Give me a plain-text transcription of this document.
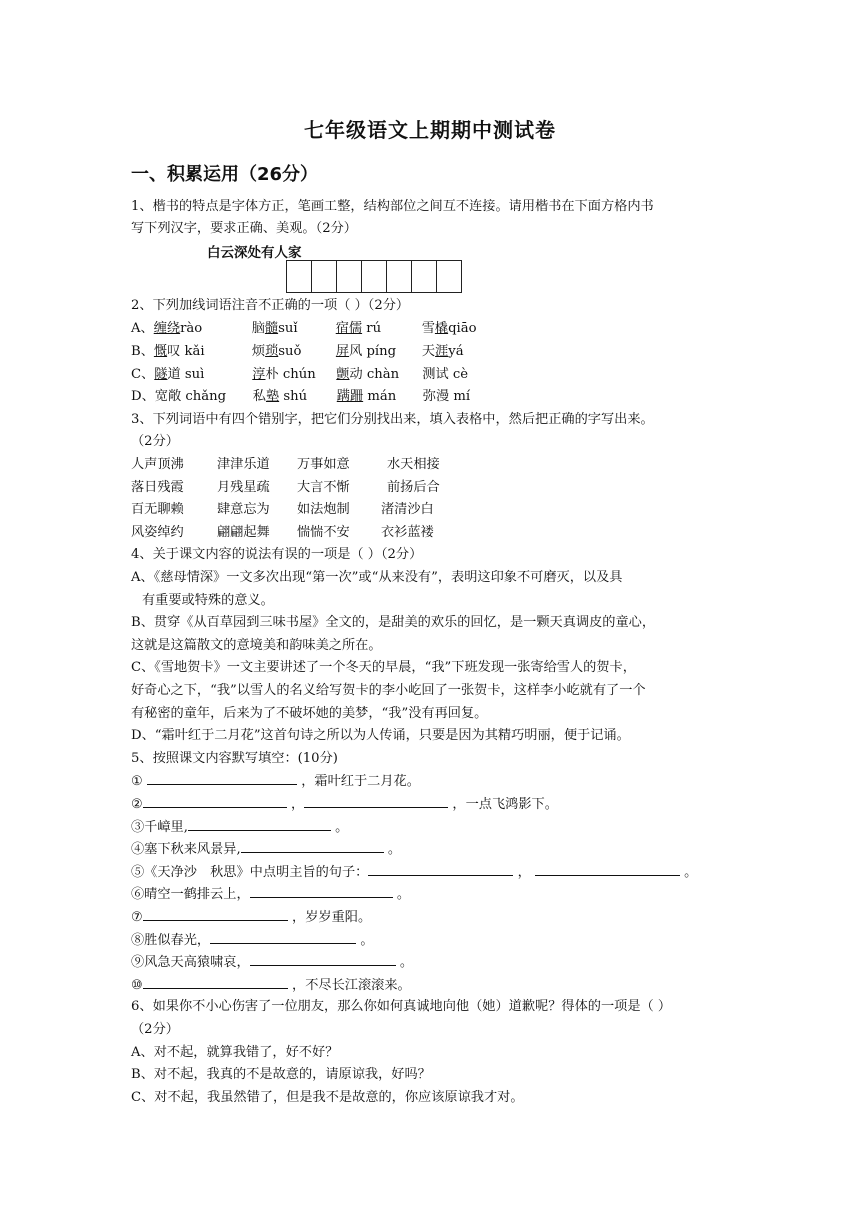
七年级语文上期期中测试卷
一、积累运用（26分）
1、楷书的特点是字体方正，笔画工整，结构部位之间互不连接。请用楷书在下面方格内书
写下列汉字，要求正确、美观。（2分）
白云深处有人家
2、下列加线词语注音不正确的一项（ ）（2分）
A、缠绕rào	脑髓suǐ	宿儒 rú	雪橇qiāo
B、慨叹 kǎi	烦琐suǒ	屏风 píng 天涯yá
C、隧道 suì	淳朴 chún 颤动 chàn 测试 cè
D、宽敞 chǎng 私塾 shú 蹒跚 mán 弥漫 mí
3、下列词语中有四个错别字，把它们分别找出来，填入表格中，然后把正确的字写出来。
（2分）
人声顶沸	津津乐道 万事如意	水天相接
落日残霞	月残星疏 大言不惭	前扬后合
百无聊赖	肆意忘为 如法炮制 渚清沙白
风姿绰约	翩翩起舞 惴惴不安 衣衫蓝褛
4、关于课文内容的说法有误的一项是（ ）（2分）
A、《慈母情深》一文多次出现“第一次”或“从来没有”，表明这印象不可磨灭，以及具
有重要或特殊的意义。
B、贯穿《从百草园到三味书屋》全文的，是甜美的欢乐的回忆，是一颗天真调皮的童心，
这就是这篇散文的意境美和韵味美之所在。
C、《雪地贺卡》一文主要讲述了一个冬天的早晨，“我”下班发现一张寄给雪人的贺卡，
好奇心之下，“我”以雪人的名义给写贺卡的李小屹回了一张贺卡，这样李小屹就有了一个
有秘密的童年，后来为了不破坏她的美梦，“我”没有再回复。
D、“霜叶红于二月花”这首句诗之所以为人传诵，只要是因为其精巧明丽，便于记诵。
5、按照课文内容默写填空：(10分)
①	，霜叶红于二月花。
②	，	，一点飞鸿影下。
③千嶂里,	。
④塞下秋来风景异,	。
⑤《天净沙　秋思》中点明主旨的句子：	，	。
⑥晴空一鹤排云上，	。
⑦	，岁岁重阳。
⑧胜似春光，	。
⑨风急天高猿啸哀，	。
⑩	，不尽长江滚滚来。
6、如果你不小心伤害了一位朋友，那么你如何真诚地向他（她）道歉呢？得体的一项是（ ）
（2分）
A、对不起，就算我错了，好不好？
B、对不起，我真的不是故意的，请原谅我，好吗？
C、对不起，我虽然错了，但是我不是故意的，你应该原谅我才对。
